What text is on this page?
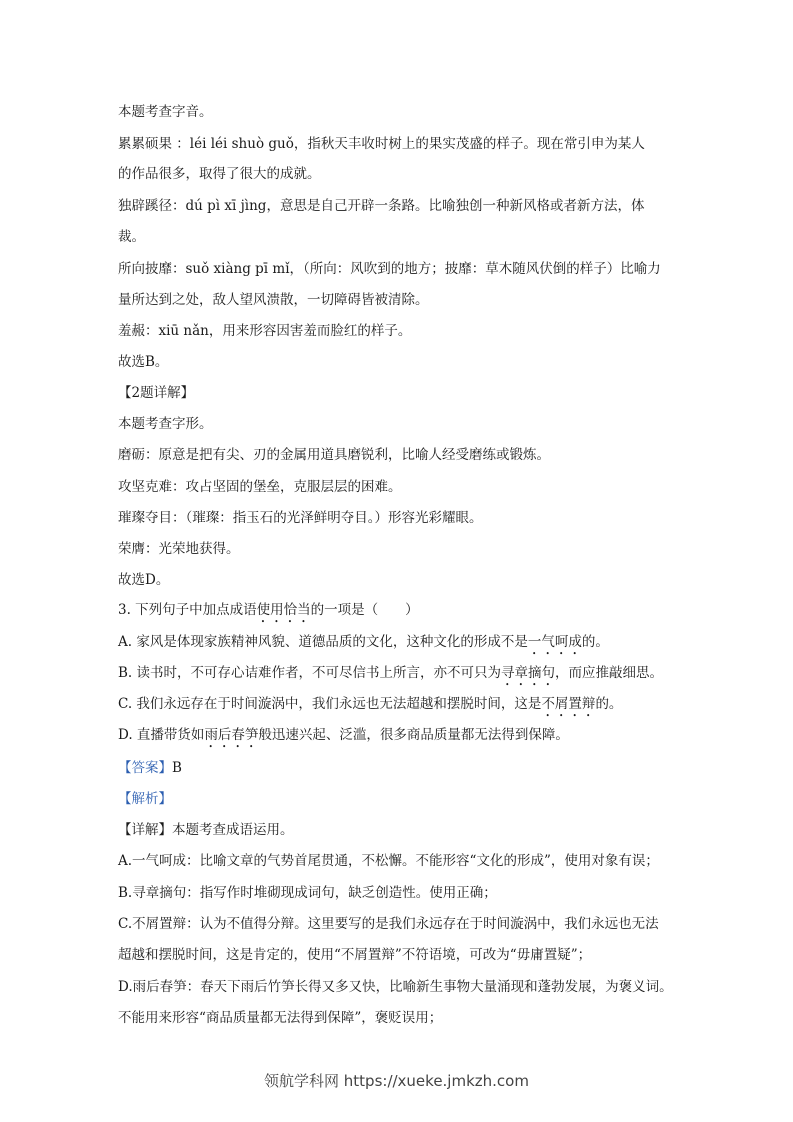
本题考查字音。
累累硕果 ：léi léi shuò guǒ，指秋天丰收时树上的果实茂盛的样子。现在常引申为某人
的作品很多，取得了很大的成就。
独辟蹊径：dú pì xī jìng，意思是自己开辟一条路。比喻独创一种新风格或者新方法，体
裁。
所向披靡：suǒ xiàng pī mǐ，（所向：风吹到的地方；披靡：草木随风伏倒的样子）比喻力
量所达到之处，敌人望风溃散，一切障碍皆被清除。
羞赧：xiū nǎn，用来形容因害羞而脸红的样子。
故选B。
【2题详解】
本题考查字形。
磨砺：原意是把有尖、刃的金属用道具磨锐利，比喻人经受磨练或锻炼。
攻坚克难：攻占坚固的堡垒，克服层层的困难。
璀璨夺目：（璀璨：指玉石的光泽鲜明夺目。）形容光彩耀眼。
荣膺：光荣地获得。
故选D。
3. 下列句子中加点成语使用恰当的一项是（　　）
A. 家风是体现家族精神风貌、道德品质的文化，这种文化的形成不是一气呵成的。
B. 读书时，不可存心诘难作者，不可尽信书上所言，亦不可只为寻章摘句，而应推敲细思。
C. 我们永远存在于时间漩涡中，我们永远也无法超越和摆脱时间，这是不屑置辩的。
D. 直播带货如雨后春笋般迅速兴起、泛滥，很多商品质量都无法得到保障。
【答案】B
【解析】
【详解】本题考查成语运用。
A.一气呵成：比喻文章的气势首尾贯通，不松懈。不能形容“文化的形成”，使用对象有误；
B.寻章摘句：指写作时堆砌现成词句，缺乏创造性。使用正确；
C.不屑置辩：认为不值得分辩。这里要写的是我们永远存在于时间漩涡中，我们永远也无法
超越和摆脱时间，这是肯定的，使用“不屑置辩”不符语境，可改为“毋庸置疑”；
D.雨后春笋：春天下雨后竹笋长得又多又快，比喻新生事物大量涌现和蓬勃发展，为褒义词。
不能用来形容“商品质量都无法得到保障”，褒贬误用；
领航学科网 https://xueke.jmkzh.com
